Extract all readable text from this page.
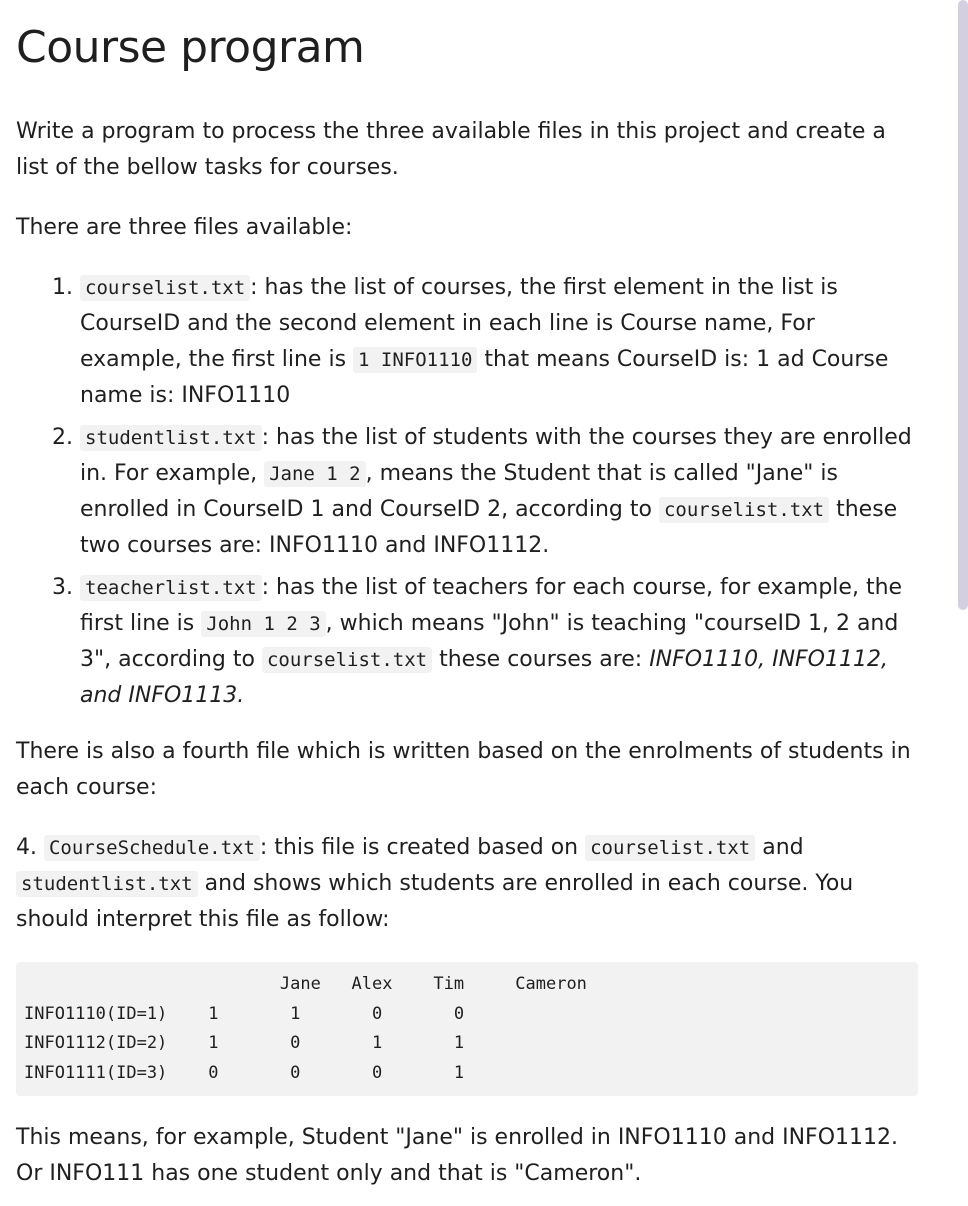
Course program

Write a program to process the three available files in this project and create a list of the bellow tasks for courses.

There are three files available:

1. courselist.txt : has the list of courses, the first element in the list is CourseID and the second element in each line is Course name, For example, the first line is 1 INFO1110 that means CourseID is: 1 ad Course name is: INFO1110
2. studentlist.txt : has the list of students with the courses they are enrolled in. For example, Jane 1 2 , means the Student that is called "Jane" is enrolled in CourseID 1 and CourseID 2, according to courselist.txt these two courses are: INFO1110 and INFO1112.
3. teacherlist.txt : has the list of teachers for each course, for example, the first line is John 1 2 3 , which means "John" is teaching "courseID 1, 2 and 3", according to courselist.txt these courses are: INFO1110, INFO1112, and INFO1113.

There is also a fourth file which is written based on the enrolments of students in each course:

4. CourseSchedule.txt : this file is created based on courselist.txt and studentlist.txt and shows which students are enrolled in each course. You should interpret this file as follow:

Jane   Alex    Tim     Cameron
INFO1110(ID=1)    1       1       0       0
INFO1112(ID=2)    1       0       1       1
INFO1111(ID=3)    0       0       0       1

This means, for example, Student "Jane" is enrolled in INFO1110 and INFO1112. Or INFO111 has one student only and that is "Cameron".
